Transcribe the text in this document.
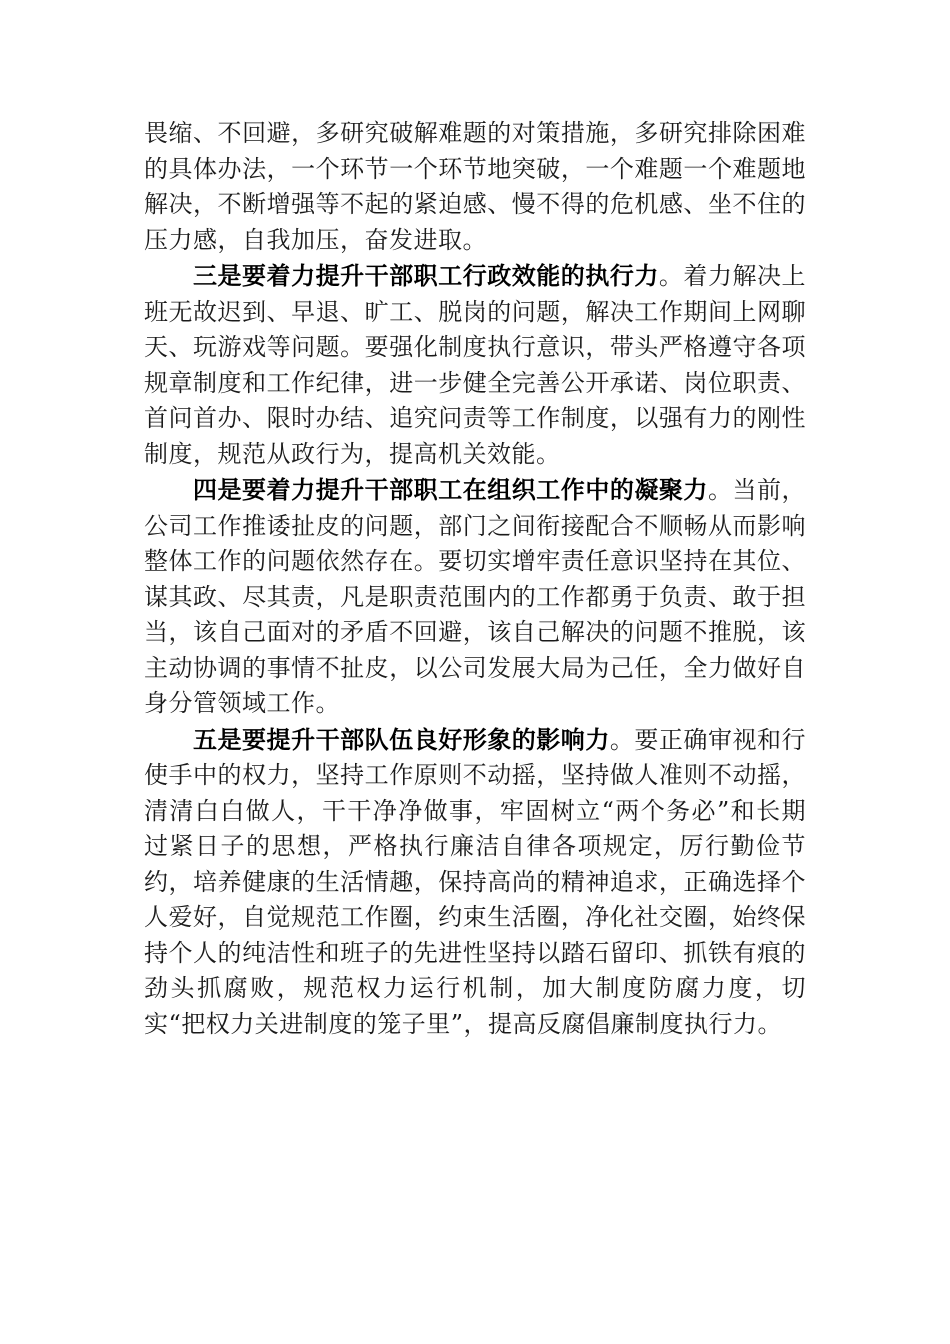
畏缩、不回避，多研究破解难题的对策措施，多研究排除困难的具体办法，一个环节一个环节地突破，一个难题一个难题地解决，不断增强等不起的紧迫感、慢不得的危机感、坐不住的压力感，自我加压，奋发进取。

三是要着力提升干部职工行政效能的执行力。着力解决上班无故迟到、早退、旷工、脱岗的问题，解决工作期间上网聊天、玩游戏等问题。要强化制度执行意识，带头严格遵守各项规章制度和工作纪律，进一步健全完善公开承诺、岗位职责、首问首办、限时办结、追究问责等工作制度，以强有力的刚性制度，规范从政行为，提高机关效能。

四是要着力提升干部职工在组织工作中的凝聚力。当前，公司工作推诿扯皮的问题，部门之间衔接配合不顺畅从而影响整体工作的问题依然存在。要切实增牢责任意识坚持在其位、谋其政、尽其责，凡是职责范围内的工作都勇于负责、敢于担当，该自己面对的矛盾不回避，该自己解决的问题不推脱，该主动协调的事情不扯皮，以公司发展大局为己任，全力做好自身分管领域工作。

五是要提升干部队伍良好形象的影响力。要正确审视和行使手中的权力，坚持工作原则不动摇，坚持做人准则不动摇，清清白白做人，干干净净做事，牢固树立“两个务必”和长期过紧日子的思想，严格执行廉洁自律各项规定，厉行勤俭节约，培养健康的生活情趣，保持高尚的精神追求，正确选择个人爱好，自觉规范工作圈，约束生活圈，净化社交圈，始终保持个人的纯洁性和班子的先进性坚持以踏石留印、抓铁有痕的劲头抓腐败，规范权力运行机制，加大制度防腐力度，切实“把权力关进制度的笼子里”，提高反腐倡廉制度执行力。
